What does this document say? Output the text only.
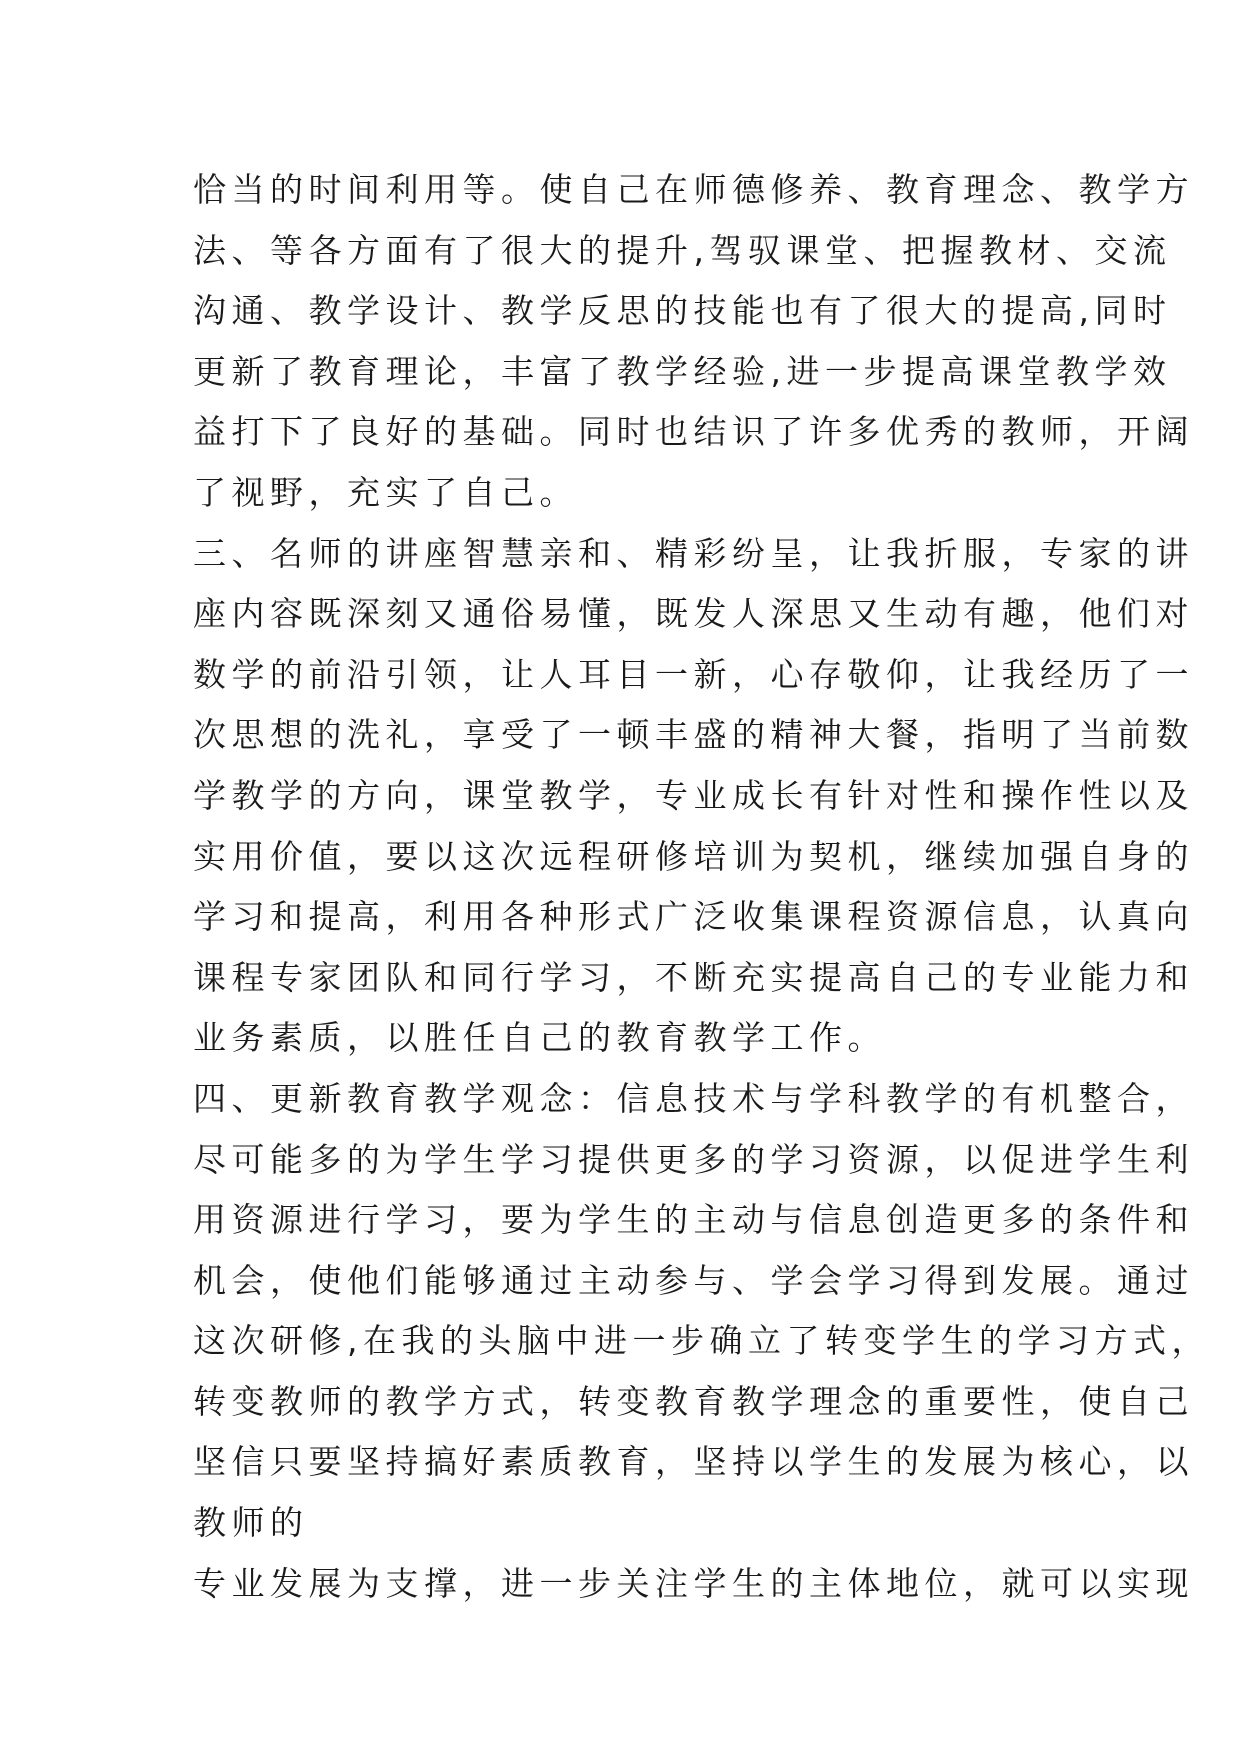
恰当的时间利用等。使自己在师德修养、教育理念、教学方
法、等各方面有了很大的提升,驾驭课堂、把握教材、交流
沟通、教学设计、教学反思的技能也有了很大的提高,同时
更新了教育理论，丰富了教学经验,进一步提高课堂教学效
益打下了良好的基础。同时也结识了许多优秀的教师，开阔
了视野，充实了自己。
三、名师的讲座智慧亲和、精彩纷呈，让我折服，专家的讲
座内容既深刻又通俗易懂，既发人深思又生动有趣，他们对
数学的前沿引领，让人耳目一新，心存敬仰，让我经历了一
次思想的洗礼，享受了一顿丰盛的精神大餐，指明了当前数
学教学的方向，课堂教学，专业成长有针对性和操作性以及
实用价值，要以这次远程研修培训为契机，继续加强自身的
学习和提高，利用各种形式广泛收集课程资源信息，认真向
课程专家团队和同行学习，不断充实提高自己的专业能力和
业务素质，以胜任自己的教育教学工作。
四、更新教育教学观念：信息技术与学科教学的有机整合，
尽可能多的为学生学习提供更多的学习资源，以促进学生利
用资源进行学习，要为学生的主动与信息创造更多的条件和
机会，使他们能够通过主动参与、学会学习得到发展。通过
这次研修,在我的头脑中进一步确立了转变学生的学习方式，
转变教师的教学方式，转变教育教学理念的重要性，使自己
坚信只要坚持搞好素质教育，坚持以学生的发展为核心，以
教师的
专业发展为支撑，进一步关注学生的主体地位，就可以实现
